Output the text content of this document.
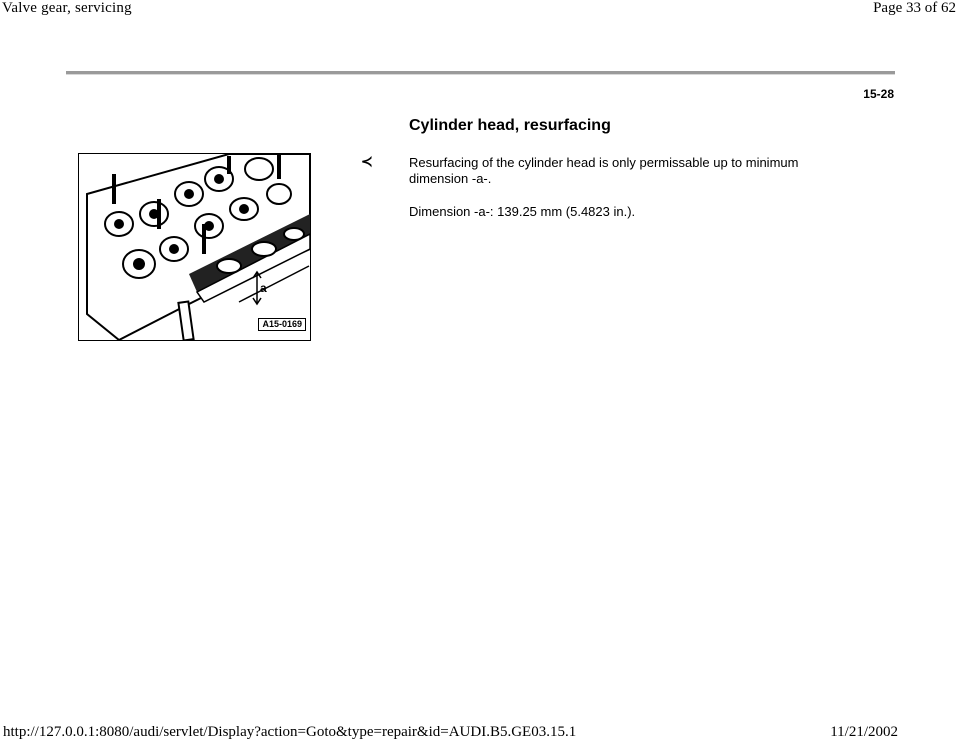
Valve gear, servicing	Page 33 of 62
15-28
Cylinder head, resurfacing
a
A15-0169
≺	Resurfacing of the cylinder head is only permissable up to minimum dimension -a-.
Dimension -a-: 139.25 mm (5.4823 in.).
http://127.0.0.1:8080/audi/servlet/Display?action=Goto&type=repair&id=AUDI.B5.GE03.15.1	11/21/2002
